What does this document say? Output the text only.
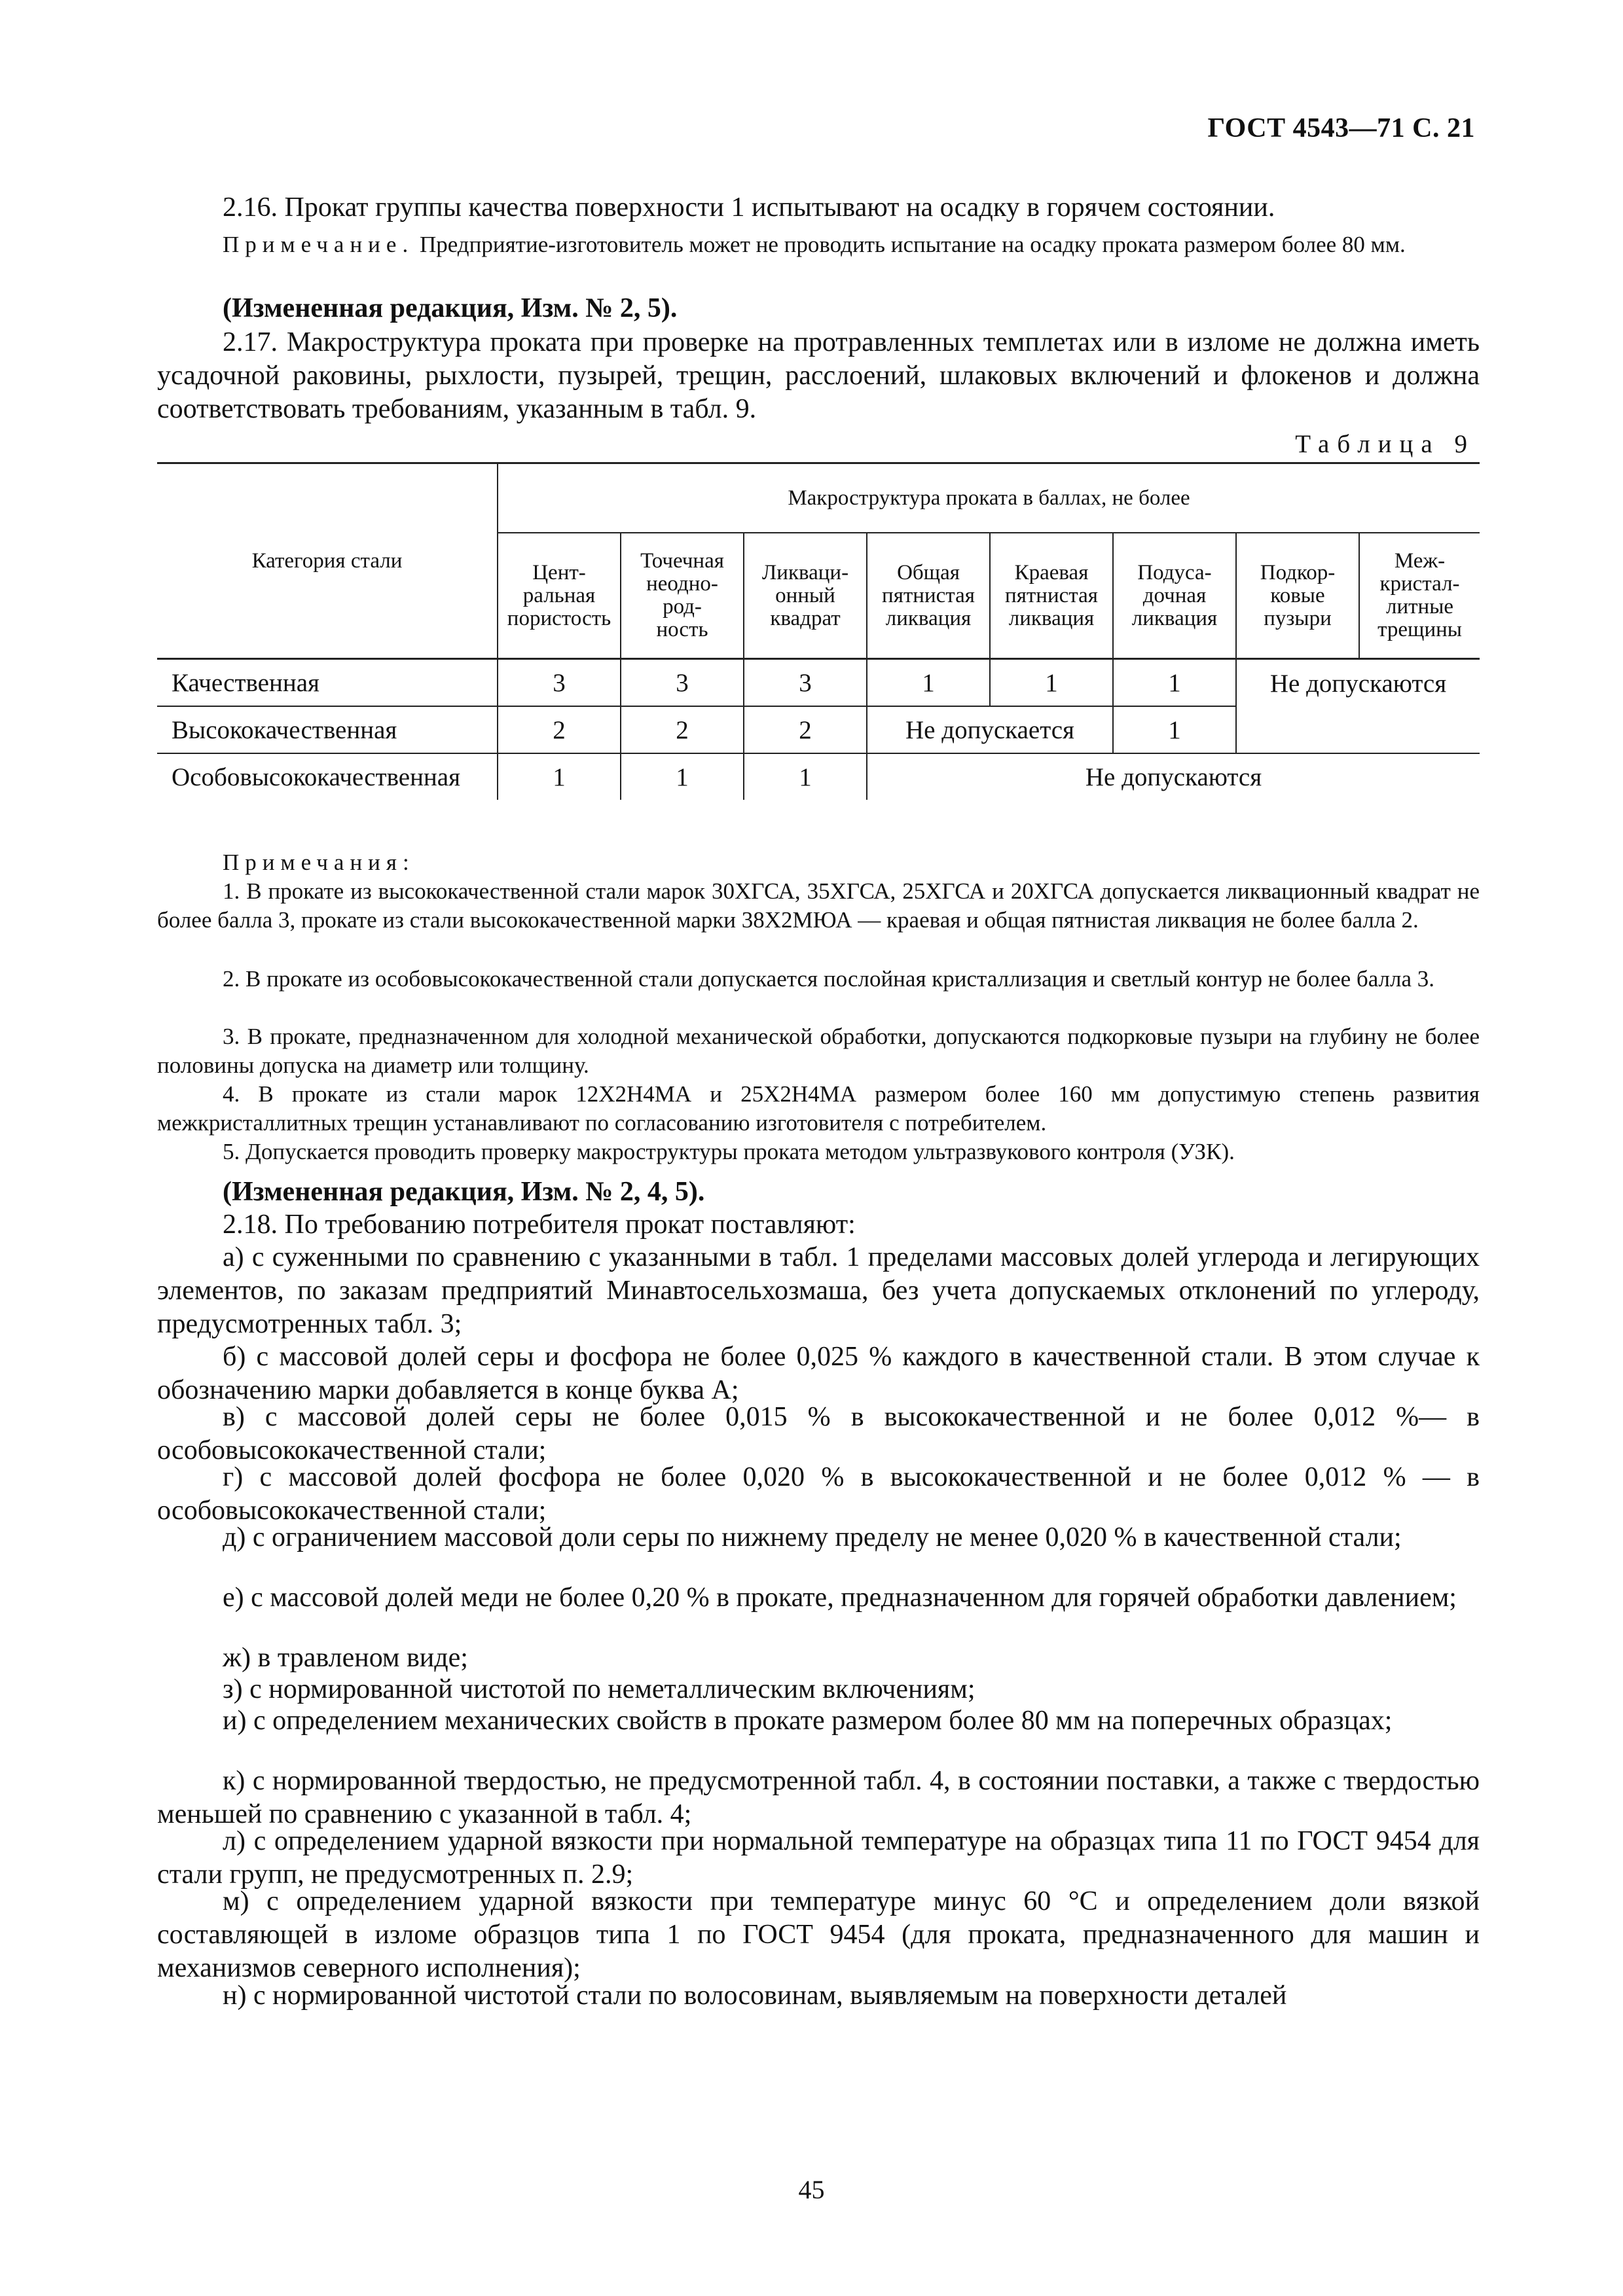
ГОСТ 4543—71 С. 21
2.16. Прокат группы качества поверхности 1 испытывают на осадку в горячем состоянии.
Примечание. Предприятие-изготовитель может не проводить испытание на осадку проката размером более 80 мм.
(Измененная редакция, Изм. № 2, 5).
2.17. Макроструктура проката при проверке на протравленных темплетах или в изломе не должна иметь усадочной раковины, рыхлости, пузырей, трещин, расслоений, шлаковых включений и флокенов и должна соответствовать требованиям, указанным в табл. 9.
Таблица 9
Категория стали	Макроструктура проката в баллах, не более							
	Цент-
ральная
пористость	Точечная
неодно-
род-
ность	Ликваци-
онный
квадрат	Общая
пятнистая
ликвация	Краевая
пятнистая
ликвация	Подуса-
дочная
ликвация	Подкор-
ковые
пузыри	Меж-
кристал-
литные
трещины
Качественная	3	3	3	1	1	1	Не допускаются	
Высококачественная	2	2	2	Не допускается		1		
Особовысококачественная	1	1	1	Не допускаются				
Примечания:
1. В прокате из высококачественной стали марок 30ХГСА, 35ХГСА, 25ХГСА и 20ХГСА допускается ликвационный квадрат не более балла 3, прокате из стали высококачественной марки 38Х2МЮА — краевая и общая пятнистая ликвация не более балла 2.
2. В прокате из особовысококачественной стали допускается послойная кристаллизация и светлый контур не более балла 3.
3. В прокате, предназначенном для холодной механической обработки, допускаются подкорковые пузыри на глубину не более половины допуска на диаметр или толщину.
4. В прокате из стали марок 12Х2Н4МА и 25Х2Н4МА размером более 160 мм допустимую степень развития межкристаллитных трещин устанавливают по согласованию изготовителя с потребителем.
5. Допускается проводить проверку макроструктуры проката методом ультразвукового контроля (УЗК).
(Измененная редакция, Изм. № 2, 4, 5).
2.18. По требованию потребителя прокат поставляют:
а) с суженными по сравнению с указанными в табл. 1 пределами массовых долей углерода и легирующих элементов, по заказам предприятий Минавтосельхозмаша, без учета допускаемых отклонений по углероду, предусмотренных табл. 3;
б) с массовой долей серы и фосфора не более 0,025 % каждого в качественной стали. В этом случае к обозначению марки добавляется в конце буква А;
в) с массовой долей серы не более 0,015 % в высококачественной и не более 0,012 %— в особовысококачественной стали;
г) с массовой долей фосфора не более 0,020 % в высококачественной и не более 0,012 % — в особовысококачественной стали;
д) с ограничением массовой доли серы по нижнему пределу не менее 0,020 % в качественной стали;
е) с массовой долей меди не более 0,20 % в прокате, предназначенном для горячей обработки давлением;
ж) в травленом виде;
з) с нормированной чистотой по неметаллическим включениям;
и) с определением механических свойств в прокате размером более 80 мм на поперечных образцах;
к) с нормированной твердостью, не предусмотренной табл. 4, в состоянии поставки, а также с твердостью меньшей по сравнению с указанной в табл. 4;
л) с определением ударной вязкости при нормальной температуре на образцах типа 11 по ГОСТ 9454 для стали групп, не предусмотренных п. 2.9;
м) с определением ударной вязкости при температуре минус 60 °С и определением доли вязкой составляющей в изломе образцов типа 1 по ГОСТ 9454 (для проката, предназначенного для машин и механизмов северного исполнения);
н) с нормированной чистотой стали по волосовинам, выявляемым на поверхности деталей
45
